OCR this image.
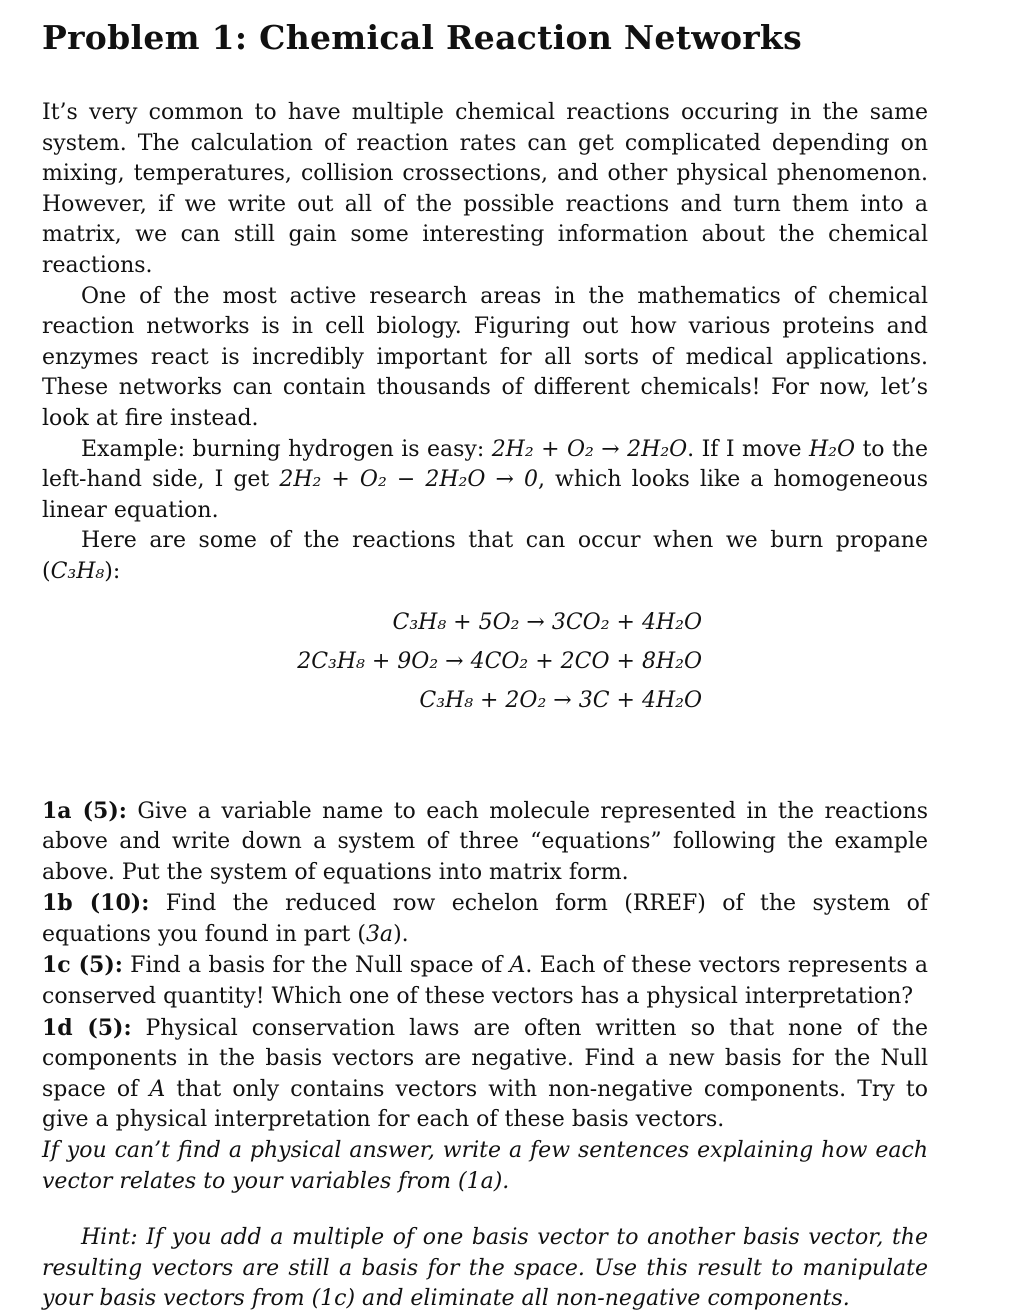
Problem 1: Chemical Reaction Networks

It’s very common to have multiple chemical reactions occuring in the same system. The calculation of reaction rates can get complicated depending on mixing, temperatures, collision crossections, and other physical phenomenon. However, if we write out all of the possible reactions and turn them into a matrix, we can still gain some interesting information about the chemical reactions.

One of the most active research areas in the mathematics of chemical reaction networks is in cell biology. Figuring out how various proteins and enzymes react is incredibly important for all sorts of medical applications. These networks can contain thousands of different chemicals! For now, let’s look at fire instead.

Example: burning hydrogen is easy: 2H₂ + O₂ → 2H₂O. If I move H₂O to the left-hand side, I get 2H₂ + O₂ − 2H₂O → 0, which looks like a homogeneous linear equation.

Here are some of the reactions that can occur when we burn propane (C₃H₈):

C₃H₈ + 5O₂ → 3CO₂ + 4H₂O
2C₃H₈ + 9O₂ → 4CO₂ + 2CO + 8H₂O
C₃H₈ + 2O₂ → 3C + 4H₂O

1a (5): Give a variable name to each molecule represented in the reactions above and write down a system of three “equations” following the example above. Put the system of equations into matrix form.

1b (10): Find the reduced row echelon form (RREF) of the system of equations you found in part (3a).

1c (5): Find a basis for the Null space of A. Each of these vectors represents a conserved quantity! Which one of these vectors has a physical interpretation?

1d (5): Physical conservation laws are often written so that none of the components in the basis vectors are negative. Find a new basis for the Null space of A that only contains vectors with non-negative components. Try to give a physical interpretation for each of these basis vectors.

If you can’t find a physical answer, write a few sentences explaining how each vector relates to your variables from (1a).

Hint: If you add a multiple of one basis vector to another basis vector, the resulting vectors are still a basis for the space. Use this result to manipulate your basis vectors from (1c) and eliminate all non-negative components.
